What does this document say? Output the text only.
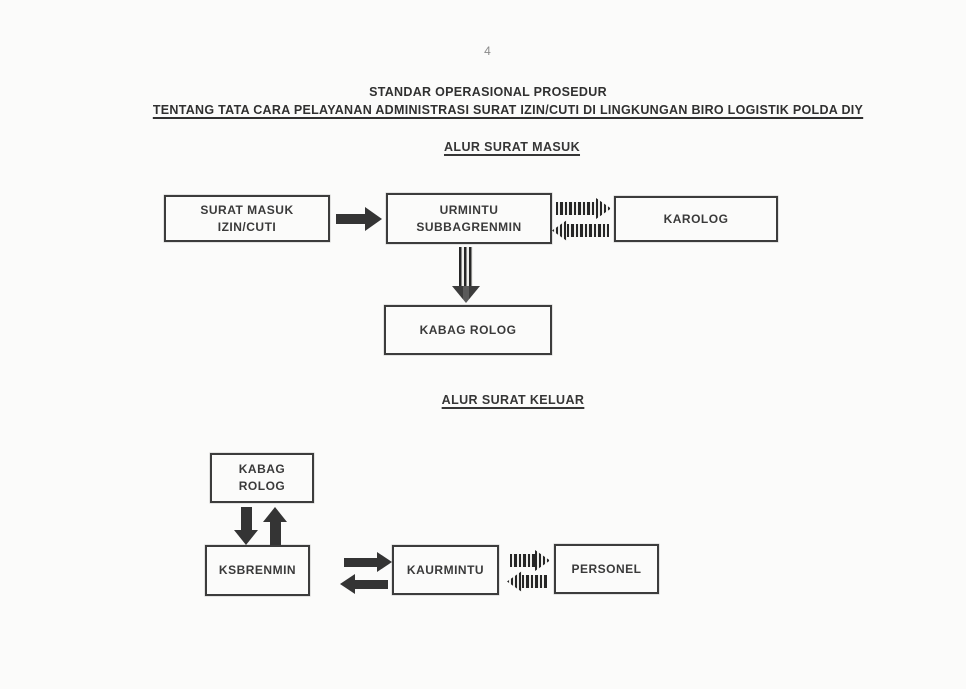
4
STANDAR OPERASIONAL PROSEDUR
TENTANG TATA CARA PELAYANAN ADMINISTRASI SURAT IZIN/CUTI DI LINGKUNGAN BIRO LOGISTIK POLDA DIY
ALUR SURAT MASUK
SURAT MASUK
IZIN/CUTI
URMINTU
SUBBAGRENMIN
KAROLOG
KABAG ROLOG
ALUR SURAT KELUAR
KABAG
ROLOG
KSBRENMIN	KAURMINTU	PERSONEL
